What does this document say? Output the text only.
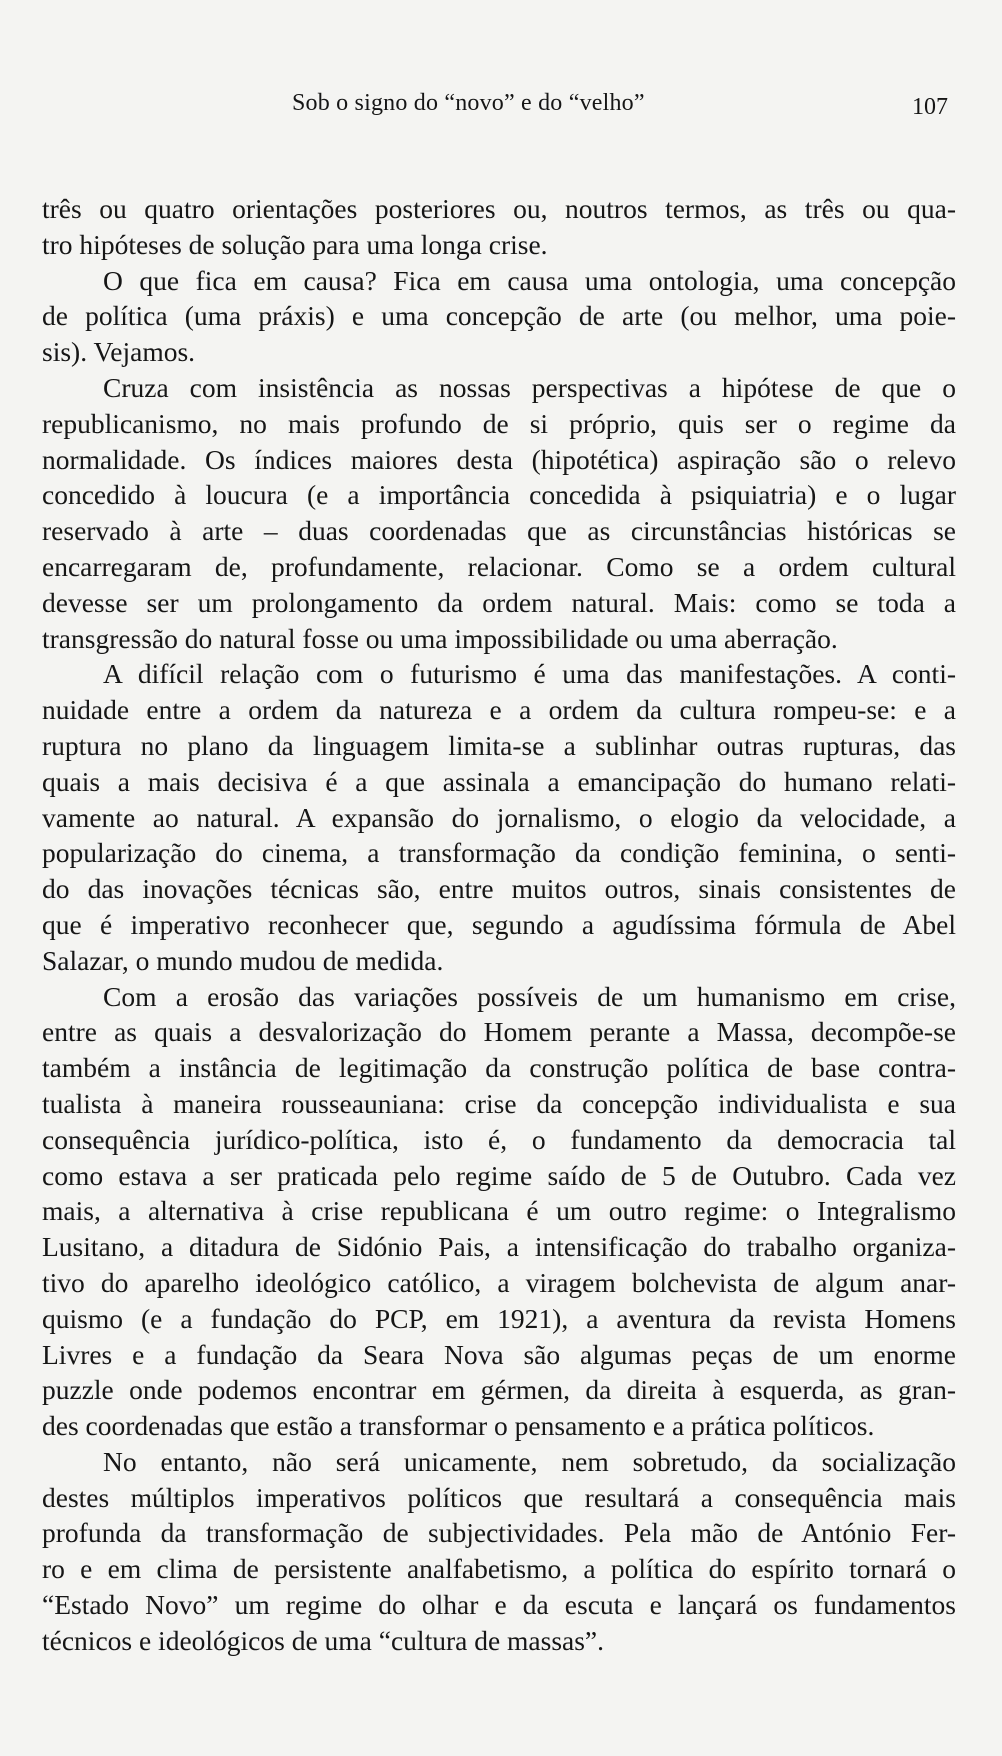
Sob o signo do “novo” e do “velho”	107
três ou quatro orientações posteriores ou, noutros termos, as três ou qua-
tro hipóteses de solução para uma longa crise.
O que fica em causa? Fica em causa uma ontologia, uma concepção
de política (uma práxis) e uma concepção de arte (ou melhor, uma poie-
sis). Vejamos.
Cruza com insistência as nossas perspectivas a hipótese de que o
republicanismo, no mais profundo de si próprio, quis ser o regime da
normalidade. Os índices maiores desta (hipotética) aspiração são o relevo
concedido à loucura (e a importância concedida à psiquiatria) e o lugar
reservado à arte – duas coordenadas que as circunstâncias históricas se
encarregaram de, profundamente, relacionar. Como se a ordem cultural
devesse ser um prolongamento da ordem natural. Mais: como se toda a
transgressão do natural fosse ou uma impossibilidade ou uma aberração.
A difícil relação com o futurismo é uma das manifestações. A conti-
nuidade entre a ordem da natureza e a ordem da cultura rompeu-se: e a
ruptura no plano da linguagem limita-se a sublinhar outras rupturas, das
quais a mais decisiva é a que assinala a emancipação do humano relati-
vamente ao natural. A expansão do jornalismo, o elogio da velocidade, a
popularização do cinema, a transformação da condição feminina, o senti-
do das inovações técnicas são, entre muitos outros, sinais consistentes de
que é imperativo reconhecer que, segundo a agudíssima fórmula de Abel
Salazar, o mundo mudou de medida.
Com a erosão das variações possíveis de um humanismo em crise,
entre as quais a desvalorização do Homem perante a Massa, decompõe-se
também a instância de legitimação da construção política de base contra-
tualista à maneira rousseauniana: crise da concepção individualista e sua
consequência jurídico-política, isto é, o fundamento da democracia tal
como estava a ser praticada pelo regime saído de 5 de Outubro. Cada vez
mais, a alternativa à crise republicana é um outro regime: o Integralismo
Lusitano, a ditadura de Sidónio Pais, a intensificação do trabalho organiza-
tivo do aparelho ideológico católico, a viragem bolchevista de algum anar-
quismo (e a fundação do PCP, em 1921), a aventura da revista Homens
Livres e a fundação da Seara Nova são algumas peças de um enorme
puzzle onde podemos encontrar em gérmen, da direita à esquerda, as gran-
des coordenadas que estão a transformar o pensamento e a prática políticos.
No entanto, não será unicamente, nem sobretudo, da socialização
destes múltiplos imperativos políticos que resultará a consequência mais
profunda da transformação de subjectividades. Pela mão de António Fer-
ro e em clima de persistente analfabetismo, a política do espírito tornará o
“Estado Novo” um regime do olhar e da escuta e lançará os fundamentos
técnicos e ideológicos de uma “cultura de massas”.
